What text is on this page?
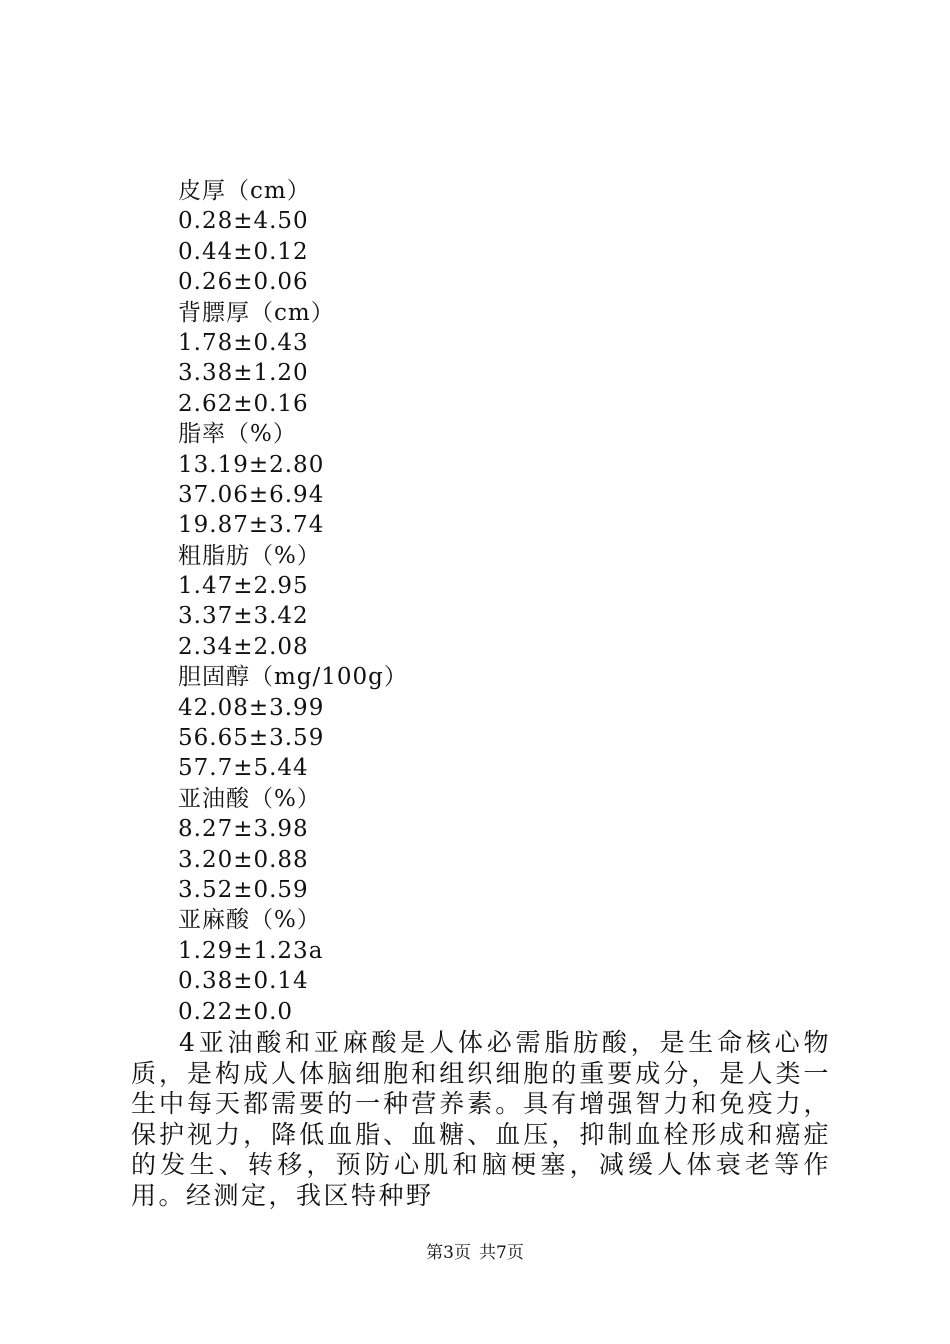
皮厚（cm）
0.28±4.50
0.44±0.12
0.26±0.06
背膘厚（cm）
1.78±0.43
3.38±1.20
2.62±0.16
脂率（%）
13.19±2.80
37.06±6.94
19.87±3.74
粗脂肪（%）
1.47±2.95
3.37±3.42
2.34±2.08
胆固醇（mg/100g）
42.08±3.99
56.65±3.59
57.7±5.44
亚油酸（%）
8.27±3.98
3.20±0.88
3.52±0.59
亚麻酸（%）
1.29±1.23a
0.38±0.14
0.22±0.0

4亚油酸和亚麻酸是人体必需脂肪酸，是生命核心物质，是构成人体脑细胞和组织细胞的重要成分，是人类一生中每天都需要的一种营养素。具有增强智力和免疫力，保护视力，降低血脂、血糖、血压，抑制血栓形成和癌症的发生、转移，预防心肌和脑梗塞，减缓人体衰老等作用。经测定，我区特种野

第3页 共7页
